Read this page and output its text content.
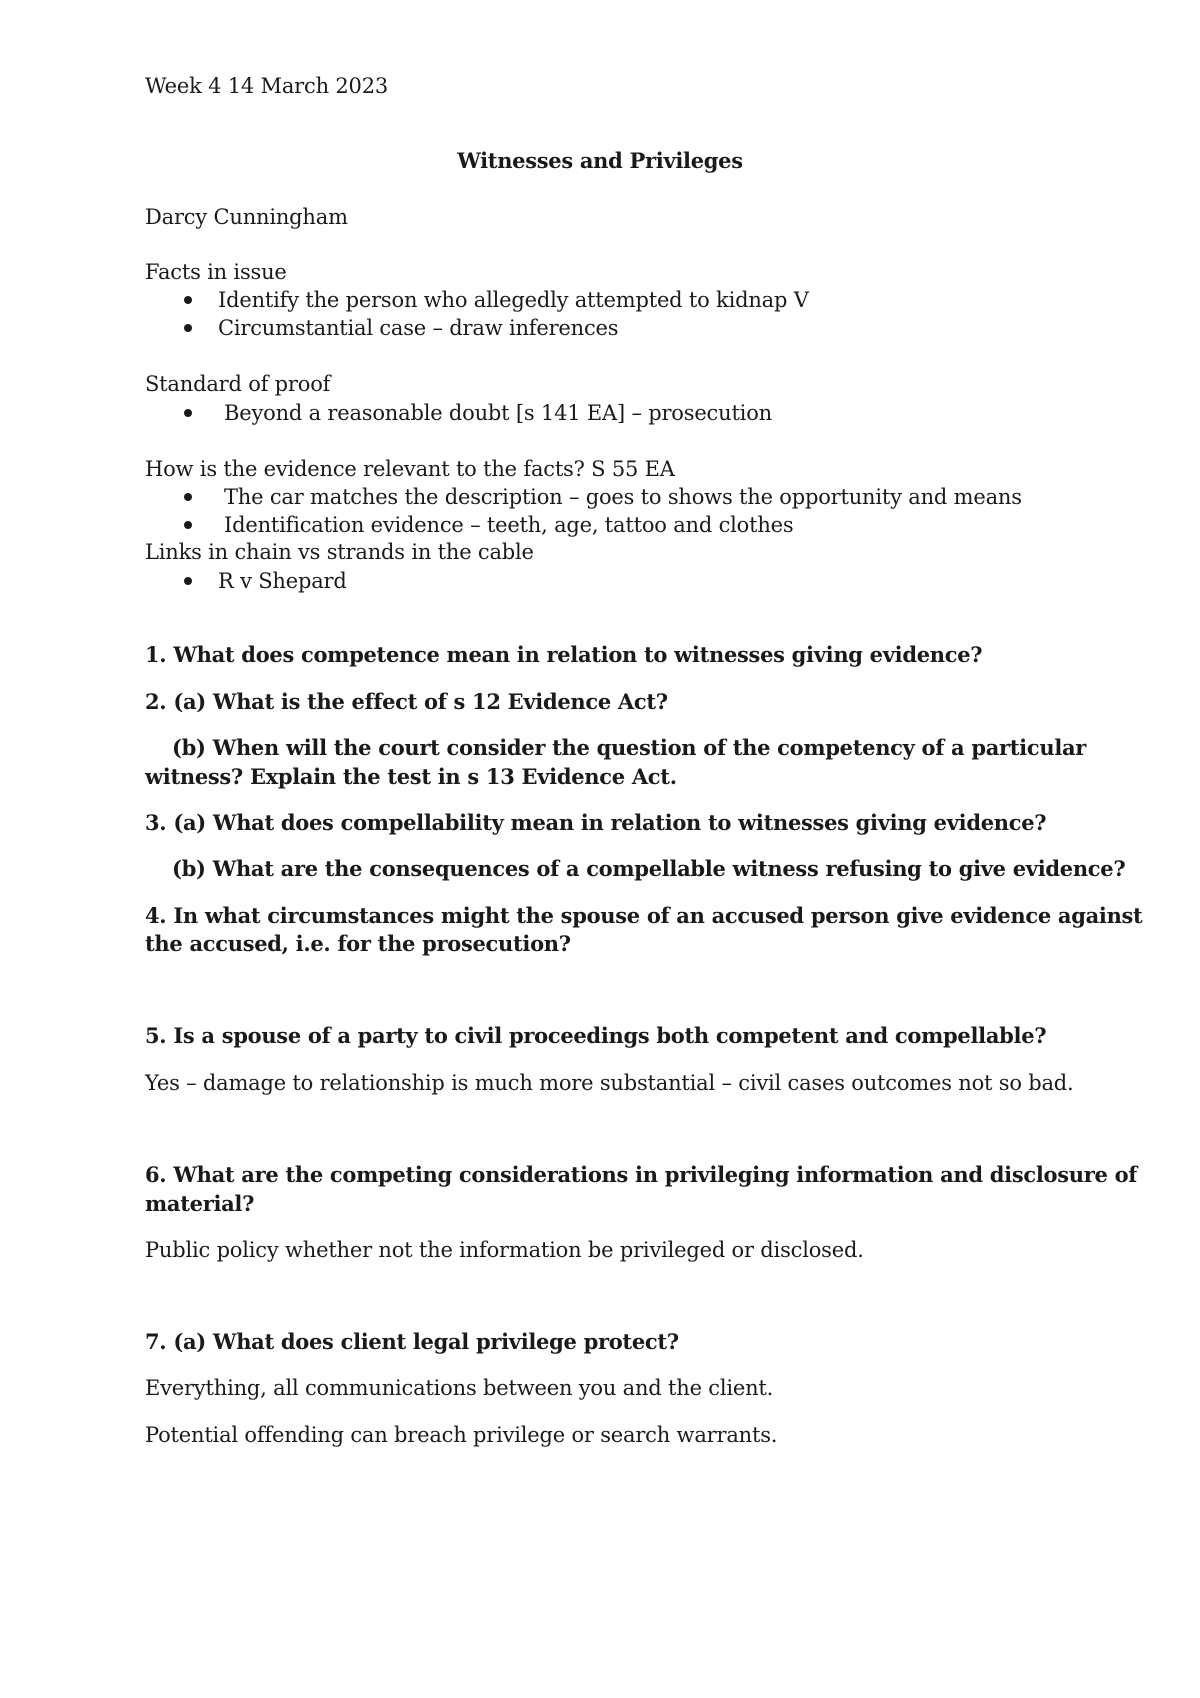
Week 4 14 March 2023
Witnesses and Privileges
Darcy Cunningham
Facts in issue
Identify the person who allegedly attempted to kidnap V
Circumstantial case – draw inferences
Standard of proof
Beyond a reasonable doubt [s 141 EA] – prosecution
How is the evidence relevant to the facts? S 55 EA
The car matches the description – goes to shows the opportunity and means
Identification evidence – teeth, age, tattoo and clothes
Links in chain vs strands in the cable
R v Shepard
1. What does competence mean in relation to witnesses giving evidence?
2. (a) What is the effect of s 12 Evidence Act?
(b) When will the court consider the question of the competency of a particular
witness? Explain the test in s 13 Evidence Act.
3. (a) What does compellability mean in relation to witnesses giving evidence?
(b) What are the consequences of a compellable witness refusing to give evidence?
4. In what circumstances might the spouse of an accused person give evidence against
the accused, i.e. for the prosecution?
5. Is a spouse of a party to civil proceedings both competent and compellable?
Yes – damage to relationship is much more substantial – civil cases outcomes not so bad.
6. What are the competing considerations in privileging information and disclosure of
material?
Public policy whether not the information be privileged or disclosed.
7. (a) What does client legal privilege protect?
Everything, all communications between you and the client.
Potential offending can breach privilege or search warrants.
